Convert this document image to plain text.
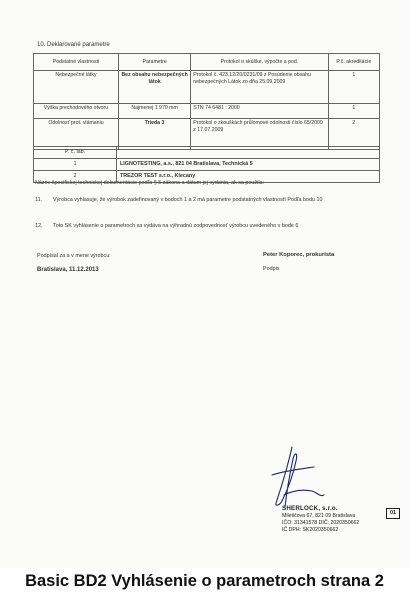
10. Deklarované parametre
Podstatné vlastnosti	Parametre	Protokol o skúške, výpočte a pod.	P.č. akreditácie
Nebezpečné látky	Bez obsahu nebezpečných látok	Protokol č. 423.12/20/0231/09 z Posúdenie obsahu nebezpečných Látok zo dňa 25.09.2009	1
Výška prechodového otvoru	Najmenej 1 970 mm	STN 74 6481 : 2000	1
Odolnosť prot. vlámaniu	Trieda 3	Protokol o zkouškách průlomové odolnosti číslo 65/2009 z 17.07.2009	2
P. č. lab.	
1	LIGNOTESTING, a.s., 821 04 Bratislava, Technická 5
2	TREZOR TEST s.r.o., Klecany
Názov špecifickej technickej dokumentácie podľa § 5 zákona a dátum jej vydania, ak sa použila:
11. Výrobca vyhlasuje, že výrobok zadefinovaný v bodoch 1 a 2 má parametre podstatných vlastností Podľa bodu 10
12. Toto SK vyhlásenie o parametroch sa vydáva na výhradnú zodpovednosť výrobcu uvedeného v bode 6
Podpísal za a v mene výrobcu:
Bratislava, 11.12.2013
Peter Koporec, prokurista
Podpis
SHERLOCK, s.r.o.
Miletičova 67, 821 09 Bratislava
IČO: 31341578 DIČ: 2020350662
IČ DPH: SK2020350662
01
Basic BD2 Vyhlásenie o parametroch strana 2
